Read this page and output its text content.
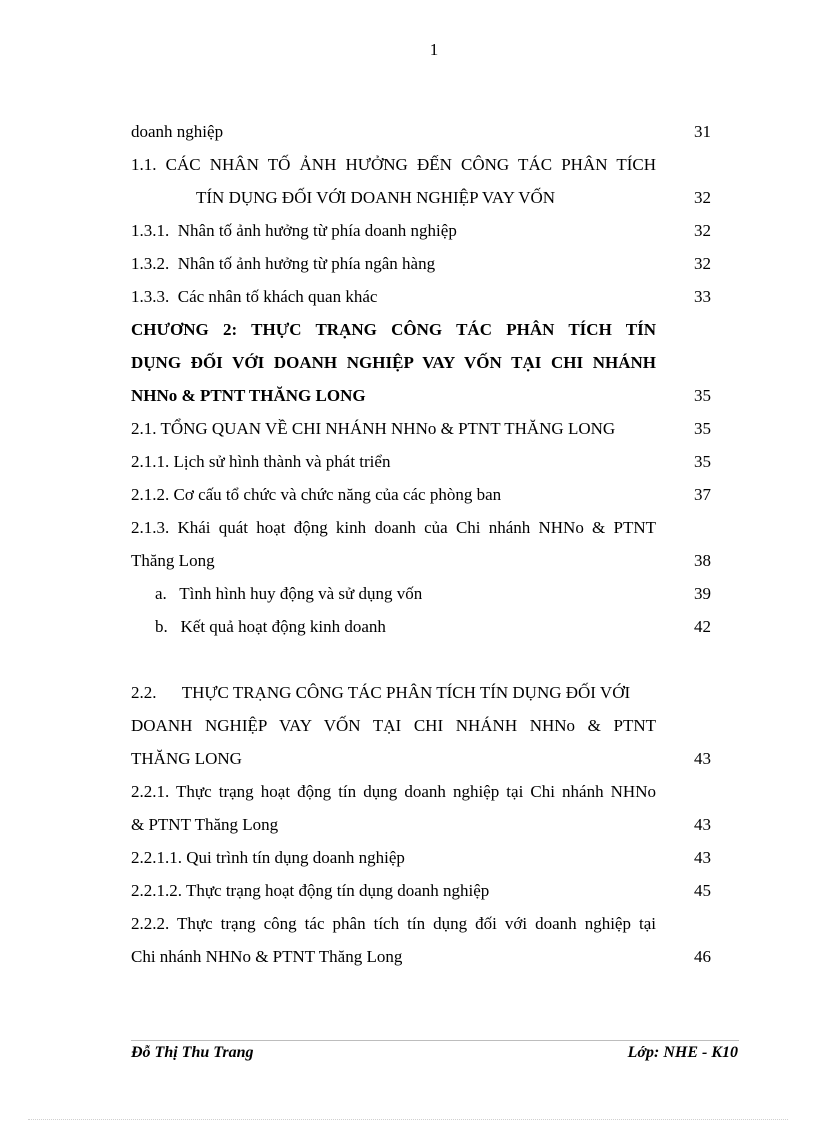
1
doanh nghiệp	31
1.1. CÁC NHÂN TỐ ẢNH HƯỞNG ĐẾN CÔNG TÁC PHÂN TÍCH
TÍN DỤNG ĐỐI VỚI DOANH NGHIỆP VAY VỐN	32
1.3.1.  Nhân tố ảnh hưởng từ phía doanh nghiệp	32
1.3.2.  Nhân tố ảnh hưởng từ phía ngân hàng	32
1.3.3.  Các nhân tố khách quan khác	33
CHƯƠNG 2: THỰC TRẠNG CÔNG TÁC PHÂN TÍCH TÍN
DỤNG ĐỐI VỚI DOANH NGHIỆP VAY VỐN TẠI CHI NHÁNH
NHNo & PTNT THĂNG LONG	35
2.1. TỔNG QUAN VỀ CHI NHÁNH NHNo & PTNT THĂNG LONG	35
2.1.1. Lịch sử hình thành và phát triển	35
2.1.2. Cơ cấu tổ chức và chức năng của các phòng ban	37
2.1.3. Khái quát hoạt động kinh doanh của Chi nhánh NHNo & PTNT
Thăng Long	38
a.   Tình hình huy động và sử dụng vốn	39
b.   Kết quả hoạt động kinh doanh	42
2.2.      THỰC TRẠNG CÔNG TÁC PHÂN TÍCH TÍN DỤNG ĐỐI VỚI
DOANH NGHIỆP VAY VỐN TẠI CHI NHÁNH NHNo & PTNT
THĂNG LONG	43
2.2.1. Thực trạng hoạt động tín dụng doanh nghiệp tại Chi nhánh NHNo
& PTNT Thăng Long	43
2.2.1.1. Qui trình tín dụng doanh nghiệp	43
2.2.1.2. Thực trạng hoạt động tín dụng doanh nghiệp	45
2.2.2. Thực trạng công tác phân tích tín dụng đối với doanh nghiệp tại
Chi nhánh NHNo & PTNT Thăng Long	46
Đỗ Thị Thu Trang	Lớp: NHE - K10
